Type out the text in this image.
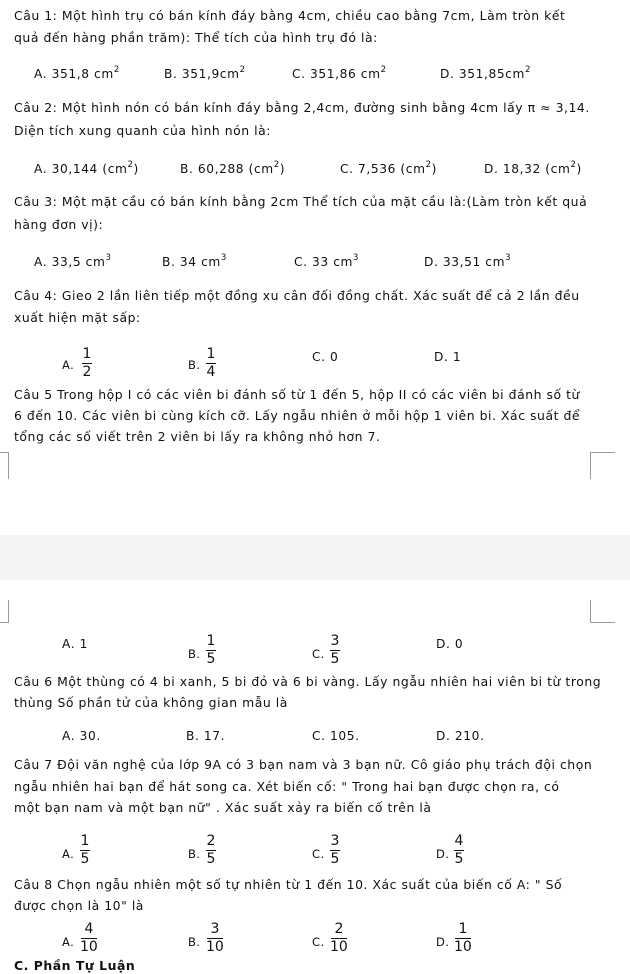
Câu 1: Một hình trụ có bán kính đáy bằng 4cm, chiều cao bằng 7cm, Làm tròn kết
quả đến hàng phần trăm): Thể tích của hình trụ đó là:
A. 351,8 $cm^2$	B. $351,9cm^2$	C. 351,86 $cm^2$	D. $351,85cm^2$
Câu 2: Một hình nón có bán kính đáy bằng 2,4cm, đường sinh bằng 4cm lấy π ≈ 3,14.
Diện tích xung quanh của hình nón là:
A. 30,144 $(cm^2)$	B. 60,288 $(cm^2)$	C. 7,536 $(cm^2)$	D. 18,32 $(cm^2)$
Câu 3: Một mặt cầu có bán kính bằng 2cm Thể tích của mặt cầu là:(Làm tròn kết quả
hàng đơn vị):
A. 33,5 $cm^3$	B. 34 $cm^3$	C. 33 $cm^3$	D. 33,51 $cm^3$
Câu 4: Gieo 2 lần liên tiếp một đồng xu cân đối đồng chất. Xác suất để cả 2 lần đều
xuất hiện mặt sấp:
A.
1
2	B.
1
4
C. 0	D. 1
Câu 5 Trong hộp I có các viên bi đánh số từ 1 đến 5, hộp II có các viên bi đánh số từ
6 đến 10. Các viên bi cùng kích cỡ. Lấy ngẫu nhiên ở mỗi hộp 1 viên bi. Xác suất để
tổng các số viết trên 2 viên bi lấy ra không nhỏ hơn 7.
A. 1
B.
1
5	C.
3
5
D. 0
Câu 6 Một thùng có 4 bi xanh, 5 bi đỏ và 6 bi vàng. Lấy ngẫu nhiên hai viên bi từ trong
thùng Số phần tử của không gian mẫu là
A. 30.	B. 17.	C. 105.	D. 210.
Câu 7 Đội văn nghệ của lớp 9A có 3 bạn nam và 3 bạn nữ. Cô giáo phụ trách đội chọn
ngẫu nhiên hai bạn để hát song ca. Xét biến cố: " Trong hai bạn được chọn ra, có
một bạn nam và một bạn nữ" . Xác suất xảy ra biến cố trên là
A.
1
5	B.
2
5	C.
3
5	D.
4
5
Câu 8 Chọn ngẫu nhiên một số tự nhiên từ 1 đến 10. Xác suất của biến cố A: " Số
được chọn là 10" là
A.
4
10	B.
3
10	C.
2
10	D.
1
10
C. Phần Tự Luận
